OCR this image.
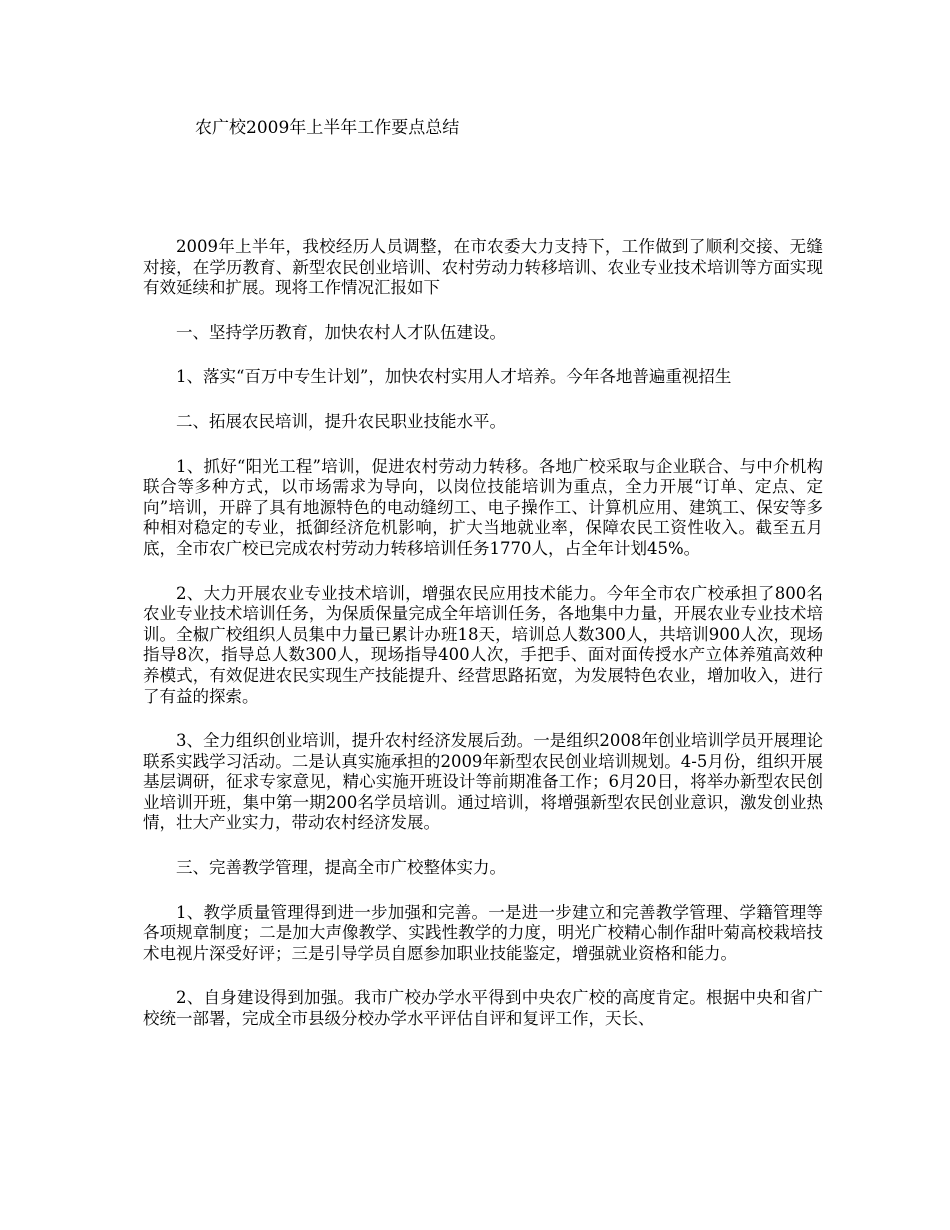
农广校2009年上半年工作要点总结

2009年上半年，我校经历人员调整，在市农委大力支持下，工作做到了顺利交接、无缝对接，在学历教育、新型农民创业培训、农村劳动力转移培训、农业专业技术培训等方面实现有效延续和扩展。现将工作情况汇报如下

一、坚持学历教育，加快农村人才队伍建设。

1、落实“百万中专生计划”，加快农村实用人才培养。今年各地普遍重视招生

二、拓展农民培训，提升农民职业技能水平。

1、抓好“阳光工程”培训，促进农村劳动力转移。各地广校采取与企业联合、与中介机构联合等多种方式，以市场需求为导向，以岗位技能培训为重点，全力开展“订单、定点、定向”培训，开辟了具有地源特色的电动缝纫工、电子操作工、计算机应用、建筑工、保安等多种相对稳定的专业，抵御经济危机影响，扩大当地就业率，保障农民工资性收入。截至五月底，全市农广校已完成农村劳动力转移培训任务1770人，占全年计划45%。

2、大力开展农业专业技术培训，增强农民应用技术能力。今年全市农广校承担了800名农业专业技术培训任务，为保质保量完成全年培训任务，各地集中力量，开展农业专业技术培训。全椒广校组织人员集中力量已累计办班18天，培训总人数300人，共培训900人次，现场指导8次，指导总人数300人，现场指导400人次，手把手、面对面传授水产立体养殖高效种养模式，有效促进农民实现生产技能提升、经营思路拓宽，为发展特色农业，增加收入，进行了有益的探索。

3、全力组织创业培训，提升农村经济发展后劲。一是组织2008年创业培训学员开展理论联系实践学习活动。二是认真实施承担的2009年新型农民创业培训规划。4-5月份，组织开展基层调研，征求专家意见，精心实施开班设计等前期准备工作；6月20日，将举办新型农民创业培训开班，集中第一期200名学员培训。通过培训，将增强新型农民创业意识，激发创业热情，壮大产业实力，带动农村经济发展。

三、完善教学管理，提高全市广校整体实力。

1、教学质量管理得到进一步加强和完善。一是进一步建立和完善教学管理、学籍管理等各项规章制度；二是加大声像教学、实践性教学的力度，明光广校精心制作甜叶菊高校栽培技术电视片深受好评；三是引导学员自愿参加职业技能鉴定，增强就业资格和能力。

2、自身建设得到加强。我市广校办学水平得到中央农广校的高度肯定。根据中央和省广校统一部署，完成全市县级分校办学水平评估自评和复评工作，天长、
